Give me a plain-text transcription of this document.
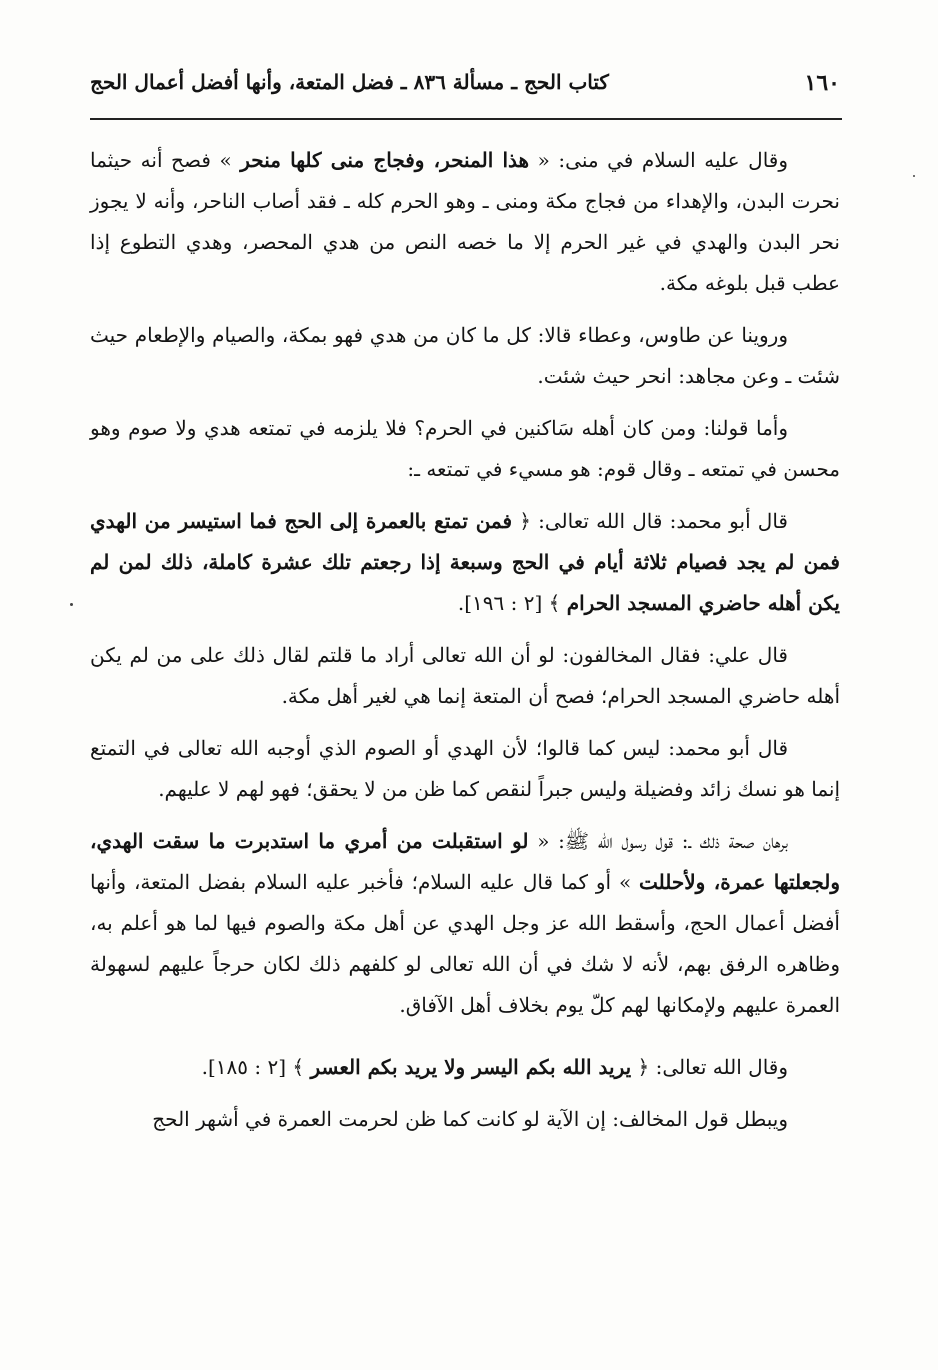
١٦٠
كتاب الحج ـ مسألة ٨٣٦ ـ فضل المتعة، وأنها أفضل أعمال الحج

وقال عليه السلام في منى: « هذا المنحر، وفجاج منى كلها منحر » فصح أنه حيثما نحرت البدن، والإهداء من فجاج مكة ومنى ـ وهو الحرم كله ـ فقد أصاب الناحر، وأنه لا يجوز نحر البدن والهدي في غير الحرم إلا ما خصه النص من هدي المحصر، وهدي التطوع إذا عطب قبل بلوغه مكة.

وروينا عن طاوس، وعطاء قالا: كل ما كان من هدي فهو بمكة، والصيام والإطعام حيث شئت ـ وعن مجاهد: انحر حيث شئت.

وأما قولنا: ومن كان أهله سَاكنين في الحرم؟ فلا يلزمه في تمتعه هدي ولا صوم وهو محسن في تمتعه ـ وقال قوم: هو مسيء في تمتعه ـ:

قال أبو محمد: قال الله تعالى: ﴿ فمن تمتع بالعمرة إلى الحج فما استيسر من الهدي فمن لم يجد فصيام ثلاثة أيام في الحج وسبعة إذا رجعتم تلك عشرة كاملة، ذلك لمن لم يكن أهله حاضري المسجد الحرام ﴾ [٢ : ١٩٦].

قال علي: فقال المخالفون: لو أن الله تعالى أراد ما قلتم لقال ذلك على من لم يكن أهله حاضري المسجد الحرام؛ فصح أن المتعة إنما هي لغير أهل مكة.

قال أبو محمد: ليس كما قالوا؛ لأن الهدي أو الصوم الذي أوجبه الله تعالى في التمتع إنما هو نسك زائد وفضيلة وليس جبراً لنقص كما ظن من لا يحقق؛ فهو لهم لا عليهم.

برهان صحة ذلك ـ: قول رسول الله ﷺ: « لو استقبلت من أمري ما استدبرت ما سقت الهدي، ولجعلتها عمرة، ولأحللت » أو كما قال عليه السلام؛ فأخبر عليه السلام بفضل المتعة، وأنها أفضل أعمال الحج، وأسقط الله عز وجل الهدي عن أهل مكة والصوم فيها لما هو أعلم به، وظاهره الرفق بهم، لأنه لا شك في أن الله تعالى لو كلفهم ذلك لكان حرجاً عليهم لسهولة العمرة عليهم ولإمكانها لهم كلّ يوم بخلاف أهل الآفاق.

وقال الله تعالى: ﴿ يريد الله بكم اليسر ولا يريد بكم العسر ﴾ [٢ : ١٨٥].

ويبطل قول المخالف: إن الآية لو كانت كما ظن لحرمت العمرة في أشهر الحج
